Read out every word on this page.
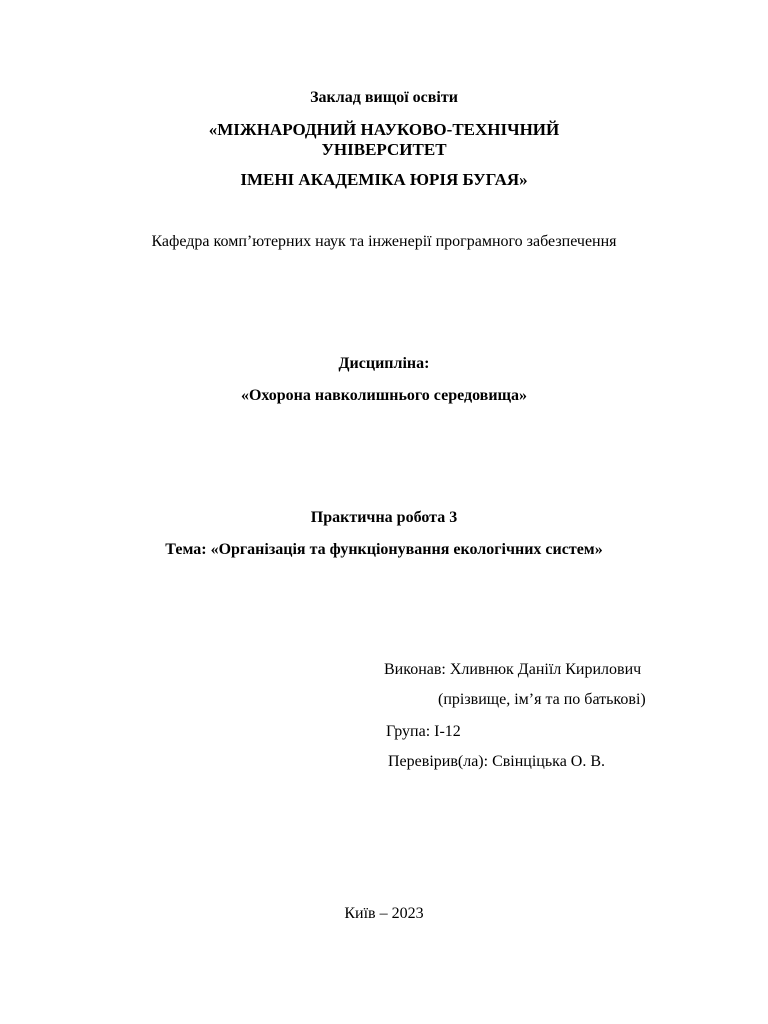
Заклад вищої освіти
«МІЖНАРОДНИЙ НАУКОВО-ТЕХНІЧНИЙ
УНІВЕРСИТЕТ
ІМЕНІ АКАДЕМІКА ЮРІЯ БУГАЯ»
Кафедра комп’ютерних наук та інженерії програмного забезпечення
Дисципліна:
«Охорона навколишнього середовища»
Практична робота 3
Тема: «Організація та функціонування екологічних систем»
Виконав: Хливнюк Даніїл Кирилович
(прізвище, ім’я та по батькові)
Група: І-12
Перевірив(ла): Свінціцька О. В.
Київ – 2023
